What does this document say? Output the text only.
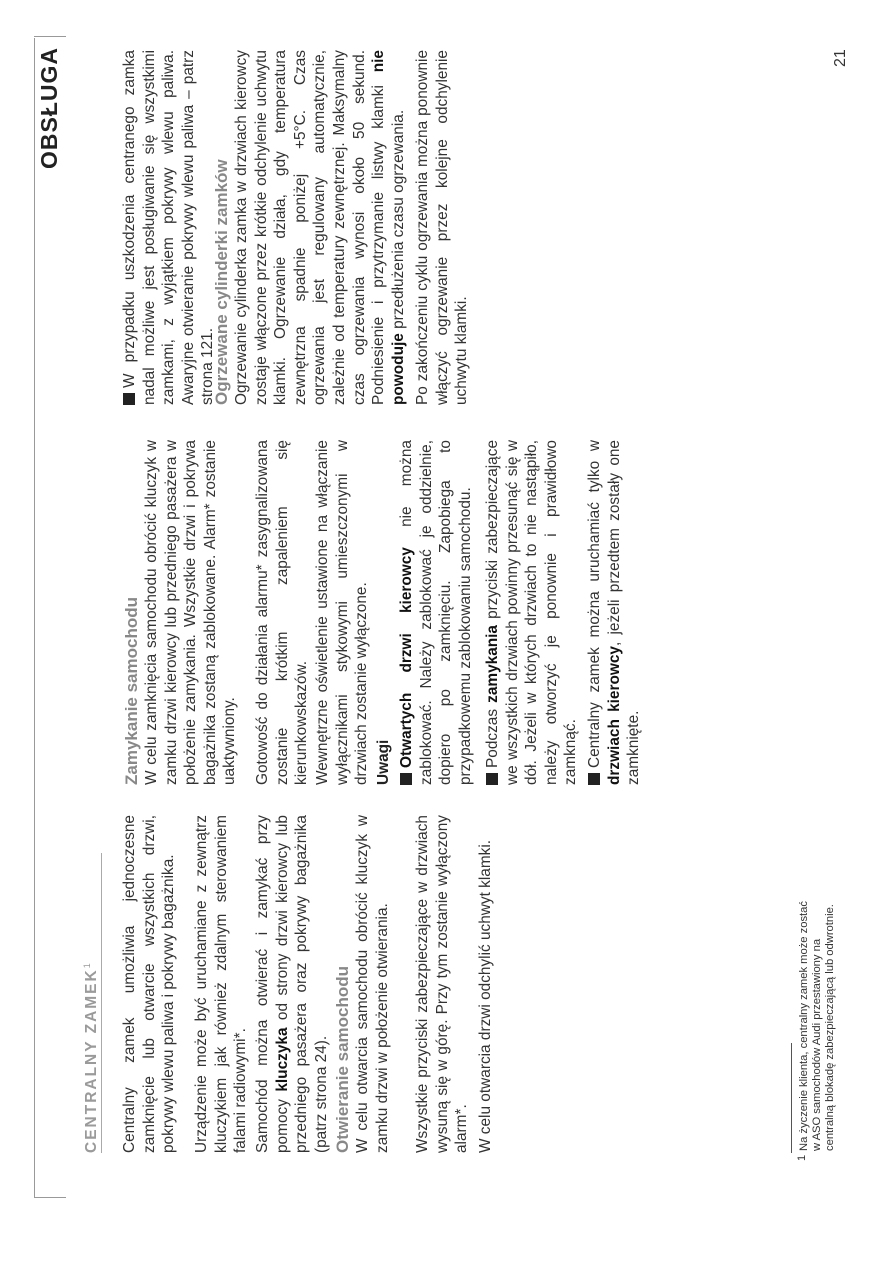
OBSŁUGA
CENTRALNY ZAMEK$^1$	Centralny zamek umożliwia jednoczesne zamknięcie lub otwarcie wszystkich drzwi, pokrywy wlewu paliwa i pokrywy bagażnika. Urządzenie może być uruchamiane z zewnątrz kluczykiem jak również zdalnym sterowaniem falami radiowymi*. Samochód można otwierać i zamykać przy pomocy kluczyka od strony drzwi kierowcy lub przedniego pasażera oraz pokrywy bagażnika (patrz strona 24). Otwieranie samochodu W celu otwarcia samochodu obrócić kluczyk w zamku drzwi w położenie otwierania. Wszystkie przyciski zabezpieczające w drzwiach wysuną się w górę. Przy tym zostanie wyłączony alarm*. W celu otwarcia drzwi odchylić uchwyt klamki.

Zamykanie samochodu W celu zamknięcia samochodu obrócić kluczyk w zamku drzwi kierowcy lub przedniego pasażera w położenie zamykania. Wszystkie drzwi i pokrywa bagażnika zostaną zablokowane. Alarm* zostanie uaktywniony. Gotowość do działania alarmu* zasygnalizowana zostanie krótkim zapaleniem się kierunkowskazów. Wewnętrzne oświetlenie ustawione na włączanie wyłącznikami stykowymi umieszczonymi w drzwiach zostanie wyłączone. Uwagi Otwartych drzwi kierowcy nie można zablokować. Należy zablokować je oddzielnie, dopiero po zamknięciu. Zapobiega to przypadkowemu zablokowaniu samochodu. Podczas zamykania przyciski zabezpieczające we wszystkich drzwiach powinny przesunąć się w dół. Jeżeli w których drzwiach to nie nastąpiło, należy otworzyć je ponownie i prawidłowo zamknąć. Centralny zamek można uruchamiać tylko w drzwiach kierowcy, jeżeli przedtem zostały one zamknięte.

W przypadku uszkodzenia centranego zamka nadal możliwe jest posługiwanie się wszystkimi zamkami, z wyjątkiem pokrywy wlewu paliwa. Awaryjne otwieranie pokrywy wlewu paliwa – patrz strona 121.

Ogrzewane cylinderki zamków Ogrzewanie cylinderka zamka w drzwiach kierowcy zostaje włączone przez krótkie odchylenie uchwytu klamki. Ogrzewanie działa, gdy temperatura zewnętrzna spadnie poniżej +5°C. Czas ogrzewania jest regulowany automatycznie, zależnie od temperatury zewnętrznej. Maksymalny czas ogrzewania wynosi około 50 sekund. Podniesienie i przytrzymanie listwy klamki nie powoduje przedłużenia czasu ogrzewania. Po zakończeniu cyklu ogrzewania można ponownie włączyć ogrzewanie przez kolejne odchylenie uchwytu klamki.

1
Na życzenie klienta, centralny zamek może zostać w ASO samochodów Audi przestawiony na centralną blokadę zabezpieczającą lub odwrotnie.
21
